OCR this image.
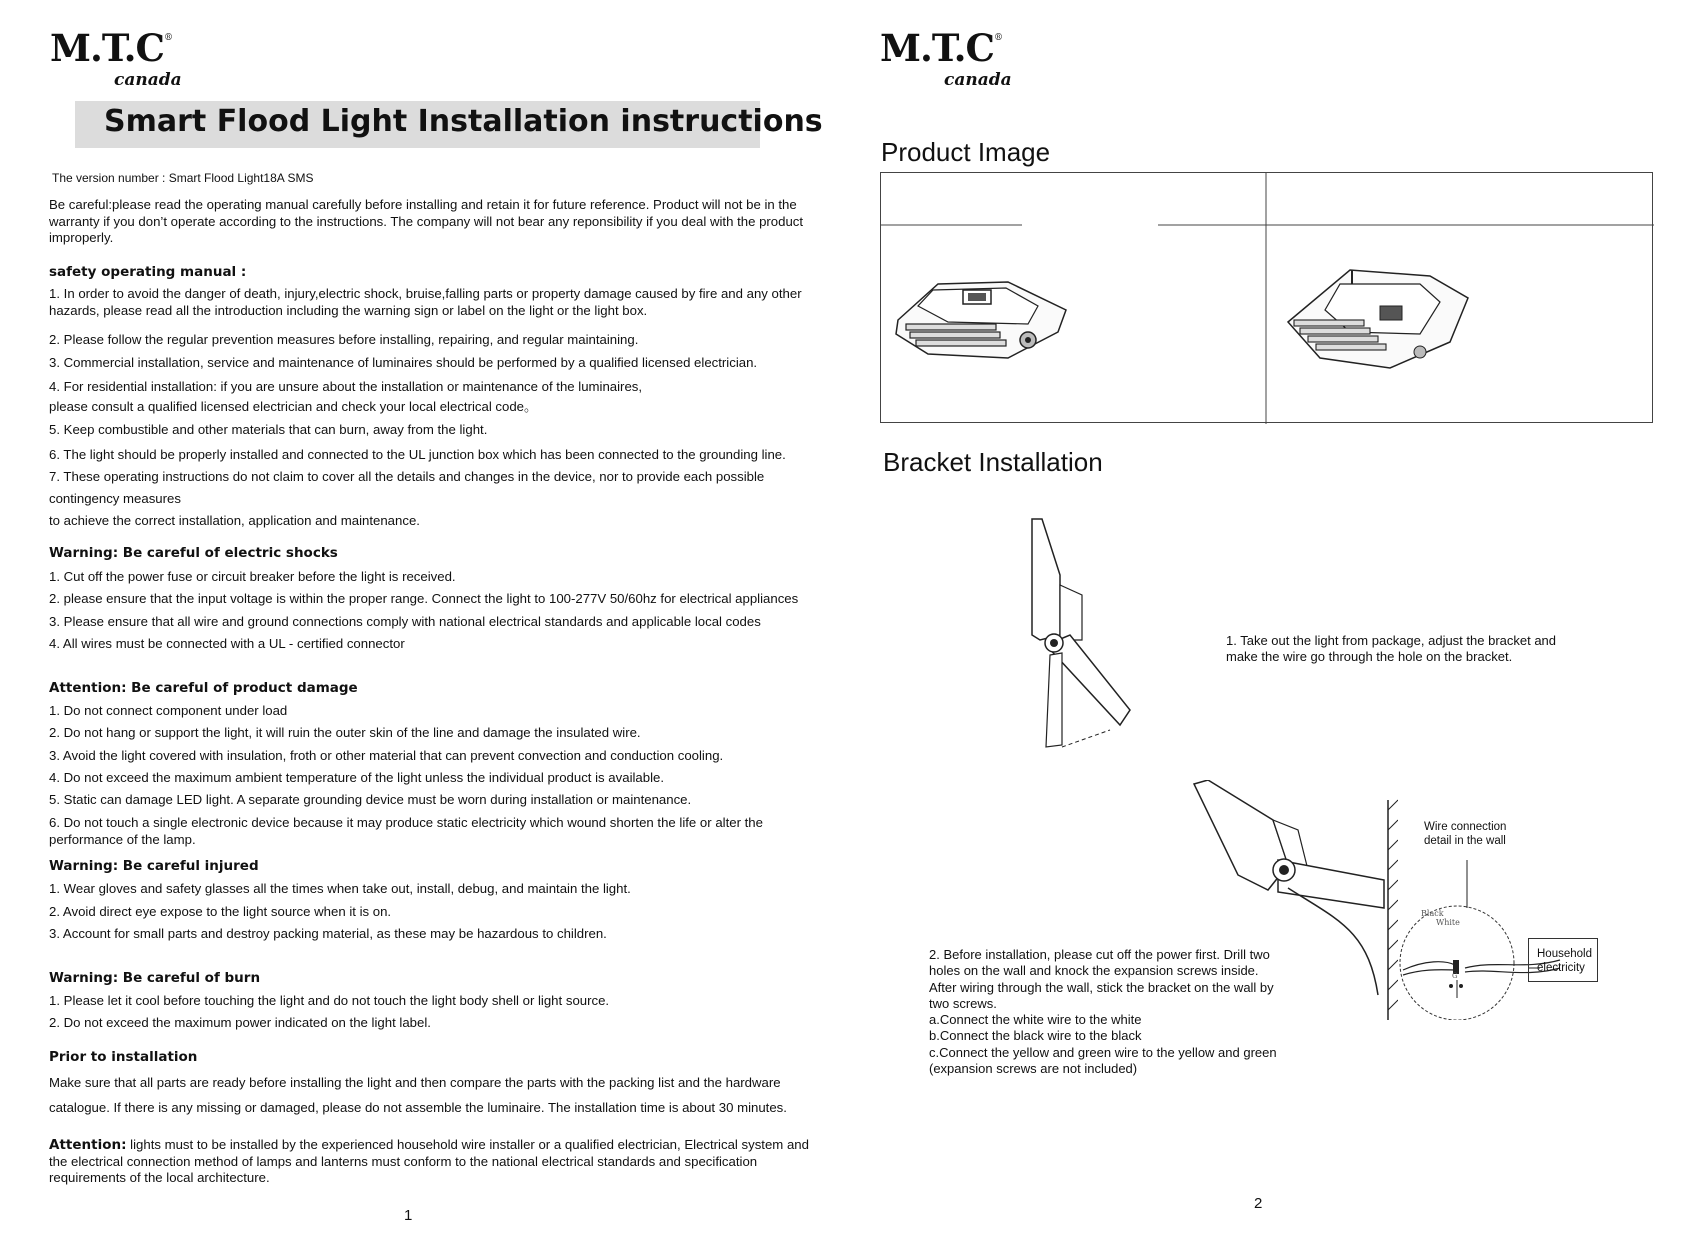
M.T.C®
canada
Smart Flood Light Installation instructions
The version number : Smart Flood Light18A SMS
Be careful:please read the operating manual carefully before installing and retain it for future reference. Product will not be in the warranty if you don’t operate according to the instructions. The company will not bear any reponsibility if you deal with the product improperly.
safety operating manual :
1. In order to avoid the danger of death, injury,electric shock, bruise,falling parts or property damage caused by fire and any other hazards, please read all the introduction including the warning sign or label on the light or the light box.
2. Please follow the regular prevention measures before installing, repairing, and regular maintaining.
3. Commercial installation, service and maintenance of luminaires should be performed by a qualified licensed electrician.
4. For residential installation: if you are unsure about the installation or maintenance of the luminaires,
please consult a qualified licensed electrician and check your local electrical code。
5. Keep combustible and other materials that can burn, away from the light.
6. The light should be properly installed and connected to the UL junction box which has been connected to the grounding line.
7. These operating instructions do not claim to cover all the details and changes in the device, nor to provide each possible
contingency measures
to achieve the correct installation, application and maintenance.
Warning: Be careful of electric shocks
1. Cut off the power fuse or circuit breaker before the light is received.
2. please ensure that the input voltage is within the proper range. Connect the light to 100-277V 50/60hz for electrical appliances
3. Please ensure that all wire and ground connections comply with national electrical standards and applicable local codes
4. All wires must be connected with a UL - certified connector
Attention: Be careful of product damage
1. Do not connect component under load
2. Do not hang or support the light, it will ruin the outer skin of the line and damage the insulated wire.
3. Avoid the light covered with insulation, froth or other material that can prevent convection and conduction cooling.
4. Do not exceed the maximum ambient temperature of the light unless the individual product is available.
5. Static can damage LED light. A separate grounding device must be worn during installation or maintenance.
6. Do not touch a single electronic device because it may produce static electricity which wound shorten the life or alter the performance of the lamp.
Warning: Be careful injured
1. Wear gloves and safety glasses all the times when take out, install, debug, and maintain the light.
2. Avoid direct eye expose to the light source when it is on.
3. Account for small parts and destroy packing material, as these may be hazardous to children.
Warning: Be careful of burn
1. Please let it cool before touching the light and do not touch the light body shell or light source.
2. Do not exceed the maximum power indicated on the light label.
Prior to installation
Make sure that all parts are ready before installing the light and then compare the parts with the packing list and the hardware
catalogue. If there is any missing or damaged, please do not assemble the luminaire. The installation time is about 30 minutes.
Attention: lights must to be installed by the experienced household wire installer or a qualified electrician, Electrical system and the electrical connection method of lamps and lanterns must conform to the national electrical standards and specification requirements of the local architecture.
1
M.T.C®
canada
Product Image
Bracket Installation
1. Take out the light from package, adjust the bracket and make the wire go through the hole on the bracket.
Black
White
G
Wire connection
detail in the wall
Household
electricity
2. Before installation, please cut off the power first. Drill two
holes on the wall and knock the expansion screws inside.
After wiring through the wall, stick the bracket on the wall by
two screws.
a.Connect the white wire to the white
b.Connect the black wire to the black
c.Connect the yellow and green wire to the yellow and green
(expansion screws are not included)
2
